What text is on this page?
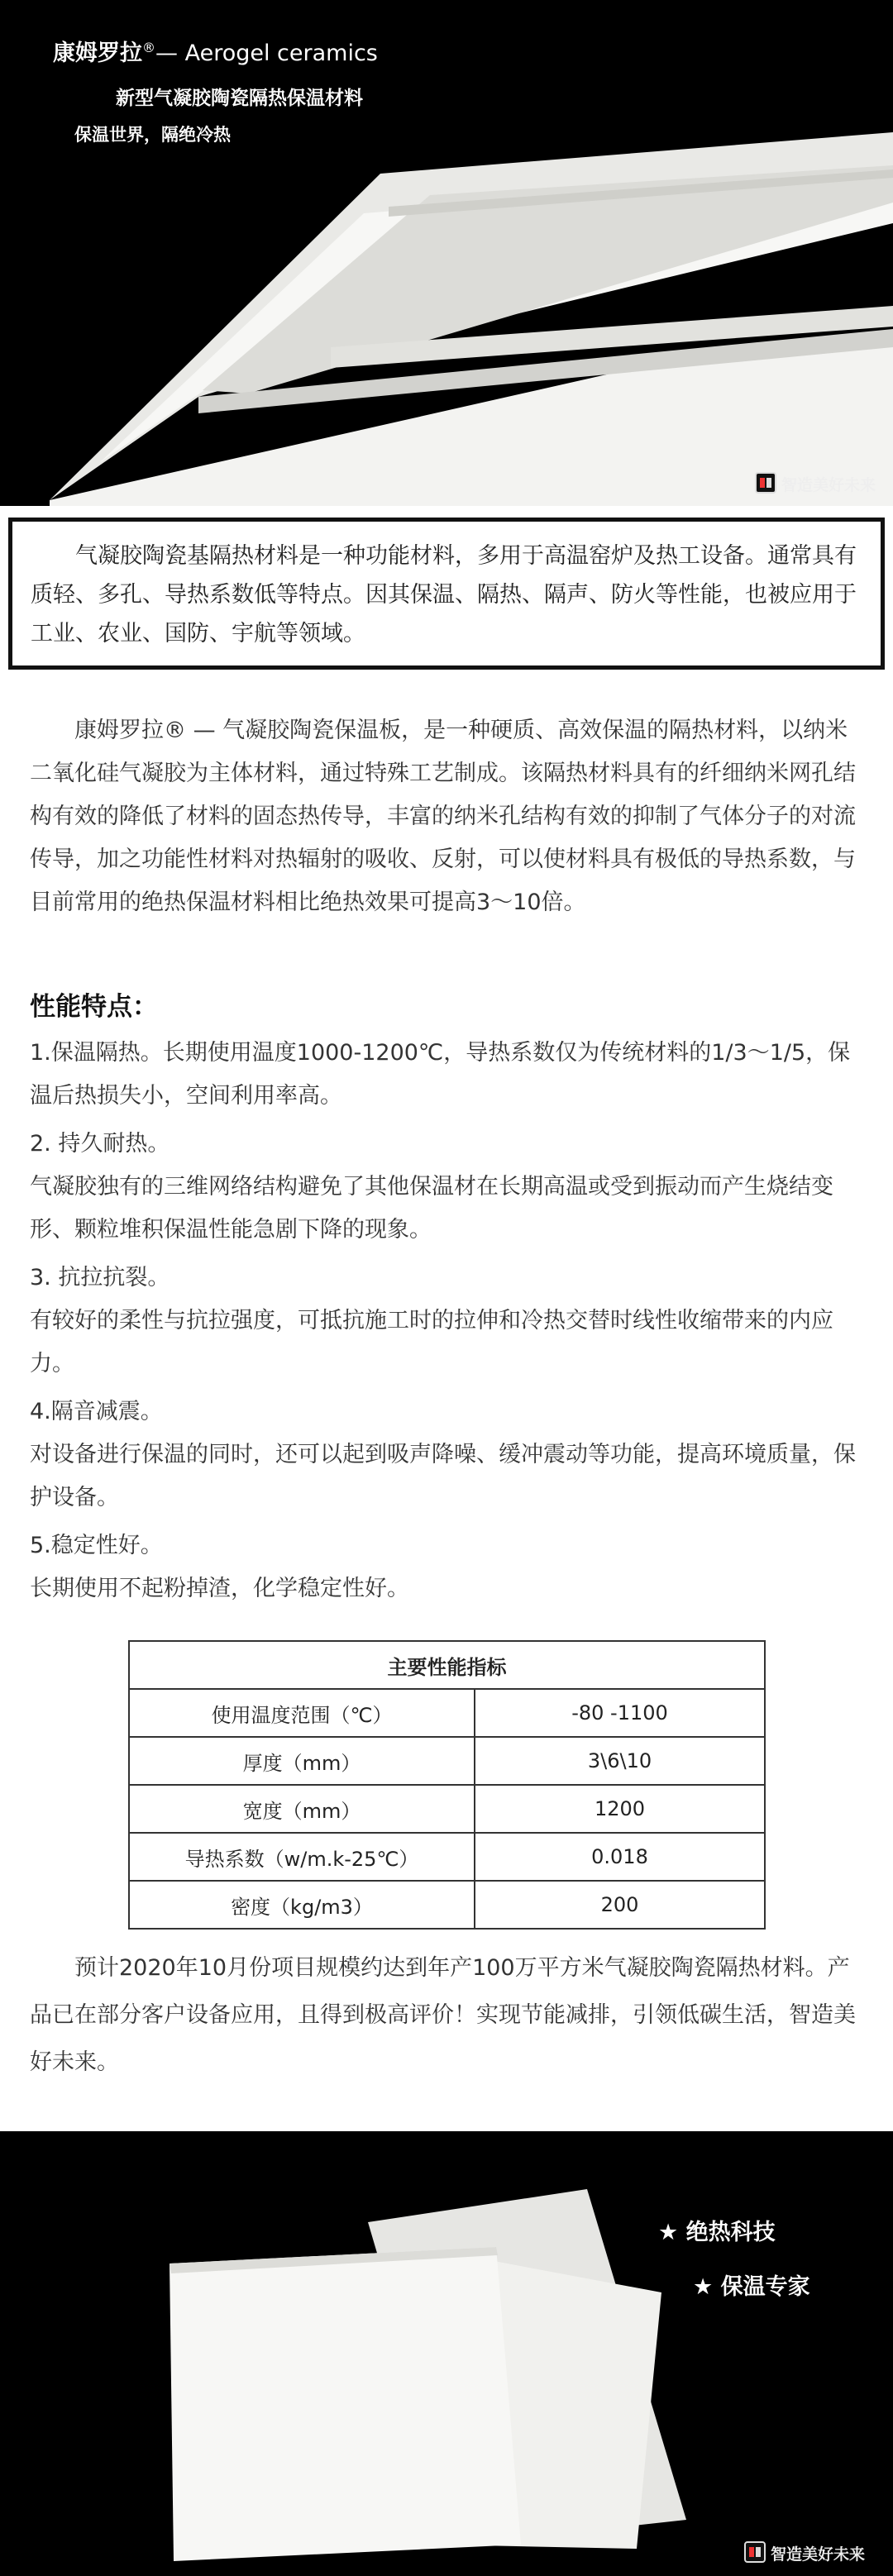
康姆罗拉®— Aerogel ceramics
新型气凝胶陶瓷隔热保温材料
保温世界，隔绝冷热
智造美好未来

气凝胶陶瓷基隔热材料是一种功能材料，多用于高温窑炉及热工设备。通常具有质轻、多孔、导热系数低等特点。因其保温、隔热、隔声、防火等性能，也被应用于工业、农业、国防、宇航等领域。

康姆罗拉® — 气凝胶陶瓷保温板，是一种硬质、高效保温的隔热材料，以纳米二氧化硅气凝胶为主体材料，通过特殊工艺制成。该隔热材料具有的纤细纳米网孔结构有效的降低了材料的固态热传导，丰富的纳米孔结构有效的抑制了气体分子的对流传导，加之功能性材料对热辐射的吸收、反射，可以使材料具有极低的导热系数，与目前常用的绝热保温材料相比绝热效果可提高3～10倍。

性能特点：

1.保温隔热。长期使用温度1000-1200℃，导热系数仅为传统材料的1/3～1/5，保温后热损失小，空间利用率高。

2. 持久耐热。

气凝胶独有的三维网络结构避免了其他保温材在长期高温或受到振动而产生烧结变形、颗粒堆积保温性能急剧下降的现象。

3. 抗拉抗裂。

有较好的柔性与抗拉强度，可抵抗施工时的拉伸和冷热交替时线性收缩带来的内应力。

4.隔音减震。

对设备进行保温的同时，还可以起到吸声降噪、缓冲震动等功能，提高环境质量，保护设备。

5.稳定性好。

长期使用不起粉掉渣，化学稳定性好。

主要性能指标	
使用温度范围（℃）	-80 -1100
厚度（mm）	3\6\10
宽度（mm）	1200
导热系数（w/m.k-25℃）	0.018
密度（kg/m3）	200

预计2020年10月份项目规模约达到年产100万平方米气凝胶陶瓷隔热材料。产品已在部分客户设备应用，且得到极高评价！实现节能减排，引领低碳生活，智造美好未来。

★ 绝热科技
★ 保温专家
智造美好未来
